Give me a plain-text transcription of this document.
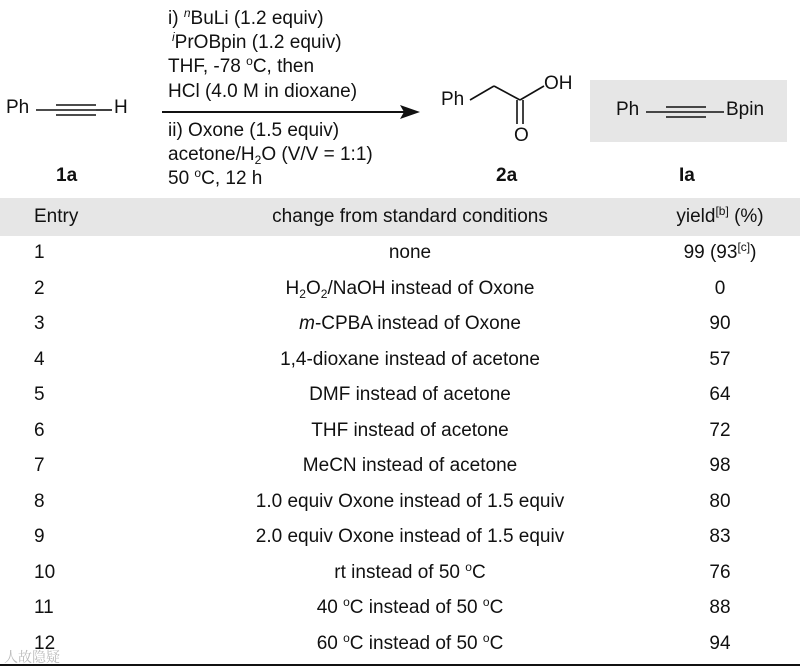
Ph	H
1a
i) $^n$BuLi (1.2 equiv)
$^i$PrOBpin (1.2 equiv)
THF, -78 $^o$C, then
HCl (4.0 M in dioxane)
ii) Oxone (1.5 equiv)
acetone/$H_2O$ (V/V = 1:1)
50 $^o$C, 12 h
Ph
OH
O
2a
Ph	Bpin
Ia
Entry	change from standard conditions	yield[b] (%)
1	none	99 (93[c])
2	$H_2O_2$/NaOH instead of Oxone	0
3	m-CPBA instead of Oxone	90
4	1,4-dioxane instead of acetone	57
5	DMF instead of acetone	64
6	THF instead of acetone	72
7	MeCN instead of acetone	98
8	1.0 equiv Oxone instead of 1.5 equiv	80
9	2.0 equiv Oxone instead of 1.5 equiv	83
10	rt instead of 50 $^o$C	76
11	40 $^o$C instead of 50 $^o$C	88
12	60 $^o$C instead of 50 $^o$C	94
人故隐疑
